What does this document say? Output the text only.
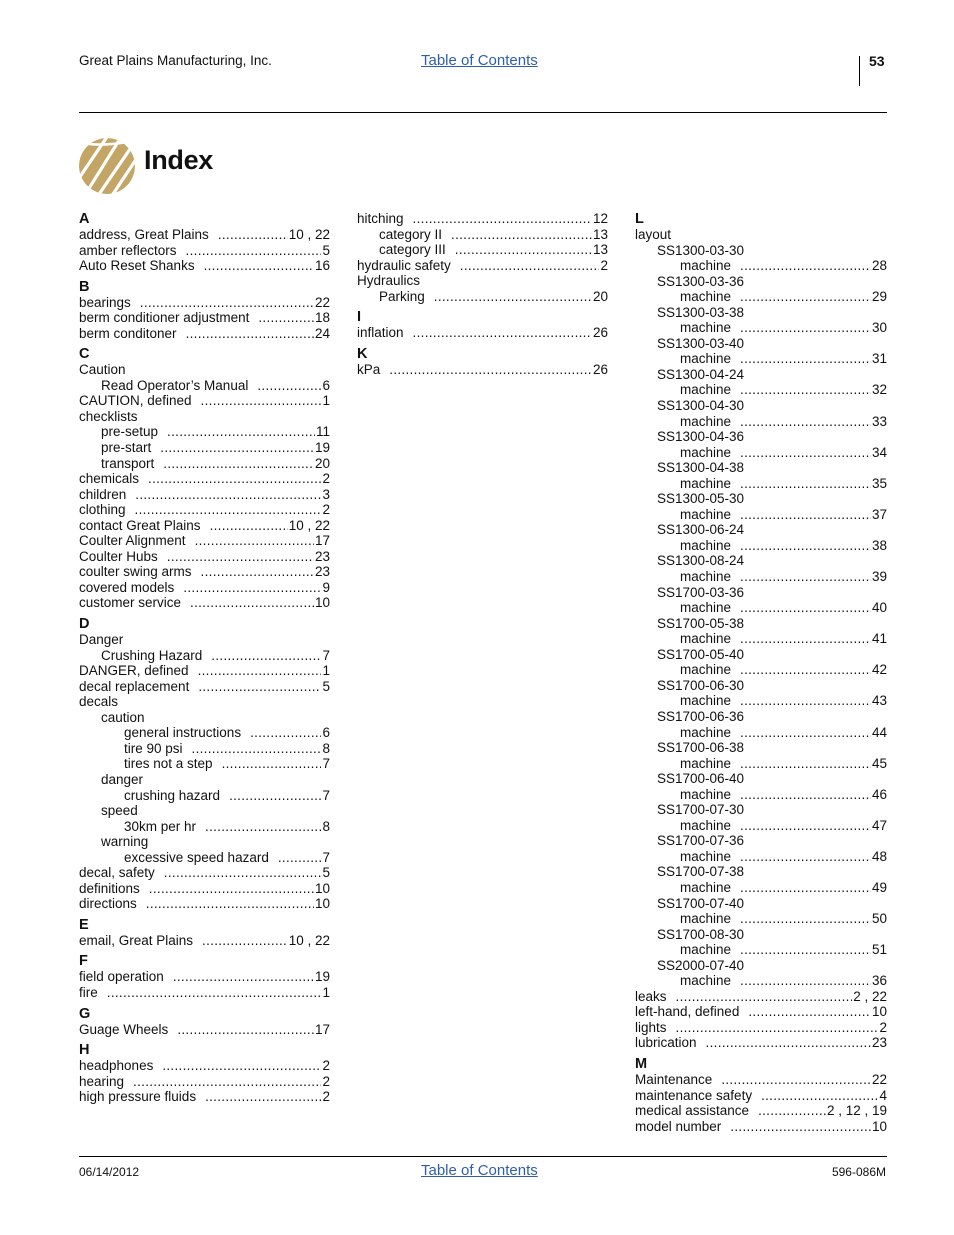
Great Plains Manufacturing, Inc.	Table of Contents	53
Index
A
address, Great Plains .....	10 , 22
amber reflectors .....	5
Auto Reset Shanks .....	16
B
bearings .....	22
berm conditioner adjustment .....	18
berm conditoner .....	24
C
Caution
Read Operator’s Manual .....	6
CAUTION, defined .....	1
checklists
pre-setup .....	11
pre-start .....	19
transport .....	20
chemicals .....	2
children .....	3
clothing .....	2
contact Great Plains .....	10 , 22
Coulter Alignment .....	17
Coulter Hubs .....	23
coulter swing arms .....	23
covered models .....	9
customer service .....	10
D
Danger
Crushing Hazard .....	7
DANGER, defined .....	1
decal replacement .....	5
decals
caution
general instructions .....	6
tire 90 psi .....	8
tires not a step .....	7
danger
crushing hazard .....	7
speed
30km per hr .....	8
warning
excessive speed hazard .....	7
decal, safety .....	5
definitions .....	10
directions .....	10
E
email, Great Plains .....	10 , 22
F
field operation .....	19
fire .....	1
G
Guage Wheels .....	17
H
headphones .....	2
hearing .....	2
high pressure fluids .....	2
hitching .....	12
category II .....	13
category III .....	13
hydraulic safety .....	2
Hydraulics
Parking .....	20
I
inflation .....	26
K
kPa .....	26
L
layout
SS1300-03-30
machine .....	28
SS1300-03-36
machine .....	29
SS1300-03-38
machine .....	30
SS1300-03-40
machine .....	31
SS1300-04-24
machine .....	32
SS1300-04-30
machine .....	33
SS1300-04-36
machine .....	34
SS1300-04-38
machine .....	35
SS1300-05-30
machine .....	37
SS1300-06-24
machine .....	38
SS1300-08-24
machine .....	39
SS1700-03-36
machine .....	40
SS1700-05-38
machine .....	41
SS1700-05-40
machine .....	42
SS1700-06-30
machine .....	43
SS1700-06-36
machine .....	44
SS1700-06-38
machine .....	45
SS1700-06-40
machine .....	46
SS1700-07-30
machine .....	47
SS1700-07-36
machine .....	48
SS1700-07-38
machine .....	49
SS1700-07-40
machine .....	50
SS1700-08-30
machine .....	51
SS2000-07-40
machine .....	36
leaks .....	2 , 22
left-hand, defined .....	10
lights .....	2
lubrication .....	23
M
Maintenance .....	22
maintenance safety .....	4
medical assistance .....	2 , 12 , 19
model number .....	10
06/14/2012	Table of Contents	596-086M
